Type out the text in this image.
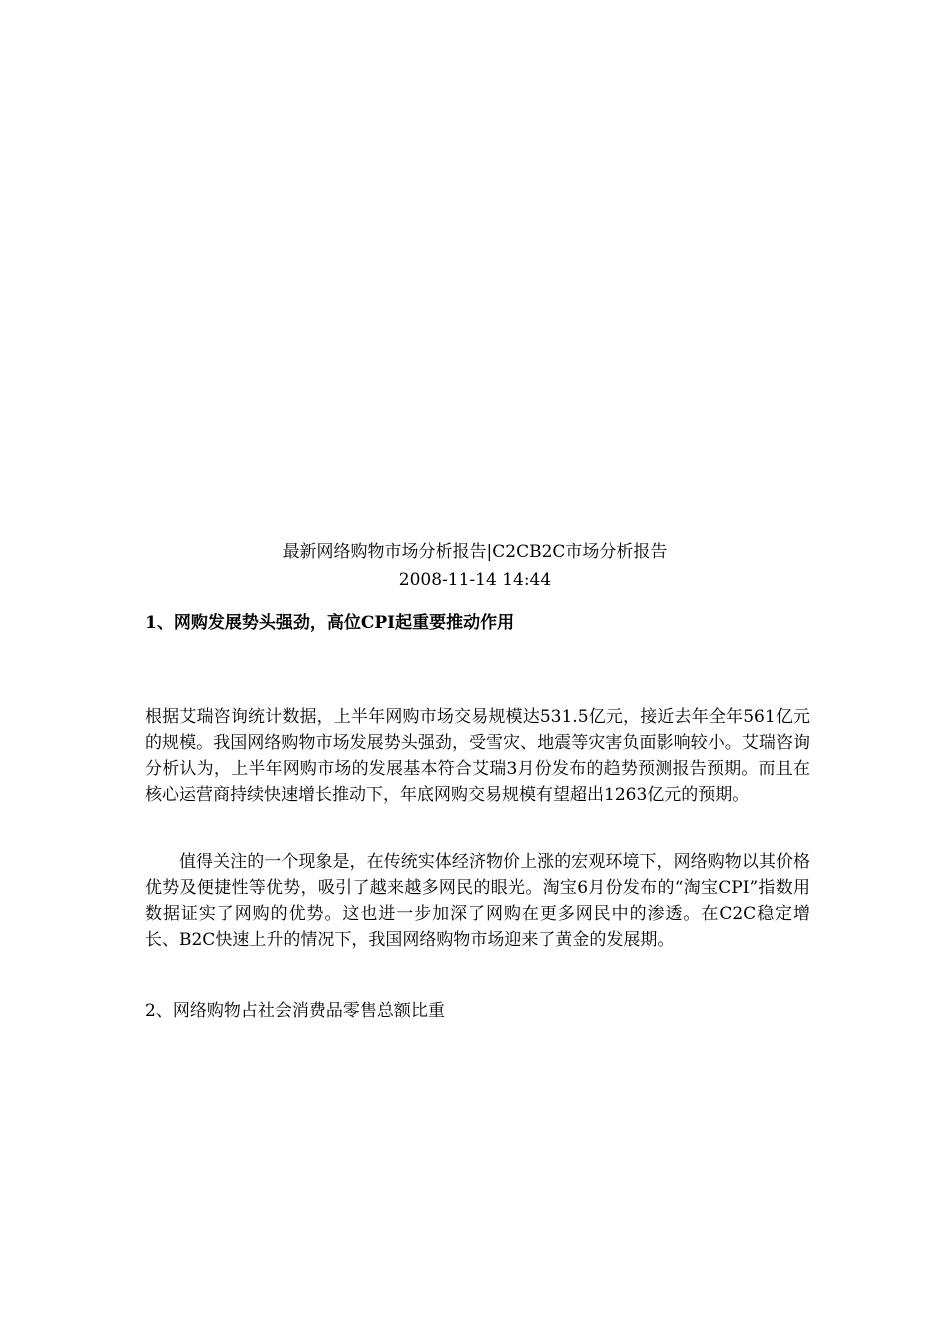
最新网络购物市场分析报告|C2CB2C市场分析报告
2008-11-14 14:44
1、网购发展势头强劲，高位CPI起重要推动作用

根据艾瑞咨询统计数据，上半年网购市场交易规模达531.5亿元，接近去年全年561亿元的规模。我国网络购物市场发展势头强劲，受雪灾、地震等灾害负面影响较小。艾瑞咨询分析认为，上半年网购市场的发展基本符合艾瑞3月份发布的趋势预测报告预期。而且在核心运营商持续快速增长推动下，年底网购交易规模有望超出1263亿元的预期。

值得关注的一个现象是，在传统实体经济物价上涨的宏观环境下，网络购物以其价格优势及便捷性等优势，吸引了越来越多网民的眼光。淘宝6月份发布的“淘宝CPI”指数用数据证实了网购的优势。这也进一步加深了网购在更多网民中的渗透。在C2C稳定增长、B2C快速上升的情况下，我国网络购物市场迎来了黄金的发展期。

2、网络购物占社会消费品零售总额比重
